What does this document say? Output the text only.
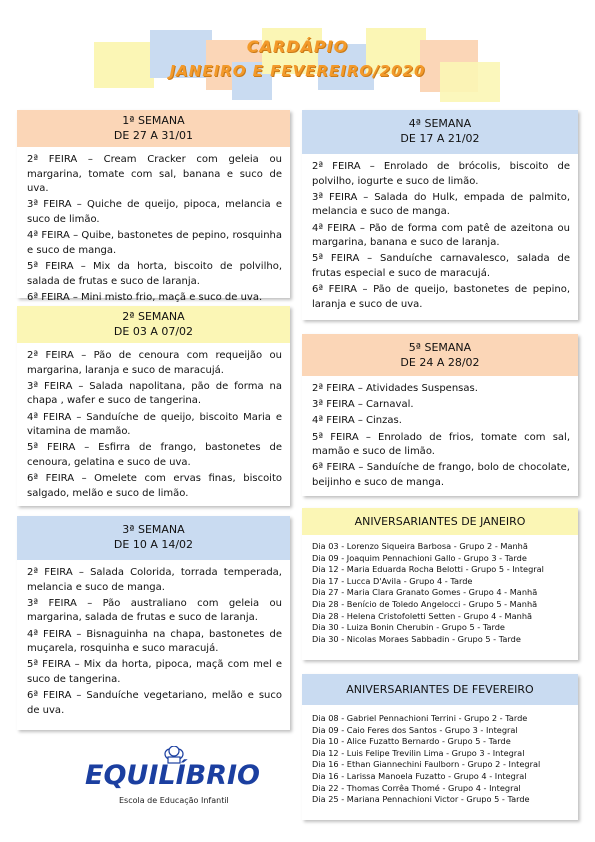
CARDÁPIO
JANEIRO E FEVEREIRO/2020
1ª SEMANA
DE 27 A 31/01
2ª FEIRA – Cream Cracker com geleia ou margarina, tomate com sal, banana e suco de uva.
3ª FEIRA – Quiche de queijo, pipoca, melancia e suco de limão.
4ª FEIRA – Quibe, bastonetes de pepino, rosquinha e suco de manga.
5ª FEIRA – Mix da horta, biscoito de polvilho, salada de frutas e suco de laranja.
6ª FEIRA – Mini misto frio, maçã e suco de uva.
2ª SEMANA
DE 03 A 07/02
2ª FEIRA – Pão de cenoura com requeijão ou margarina, laranja e suco de maracujá.
3ª FEIRA – Salada napolitana, pão de forma na chapa , wafer e suco de tangerina.
4ª FEIRA – Sanduíche de queijo, biscoito Maria e vitamina de mamão.
5ª FEIRA – Esfirra de frango, bastonetes de cenoura, gelatina e suco de uva.
6ª FEIRA – Omelete com ervas finas, biscoito salgado, melão e suco de limão.
3ª SEMANA
DE 10 A 14/02
2ª FEIRA – Salada Colorida, torrada temperada, melancia e suco de manga.
3ª FEIRA – Pão australiano com geleia ou margarina, salada de frutas e suco de laranja.
4ª FEIRA – Bisnaguinha na chapa, bastonetes de muçarela, rosquinha e suco maracujá.
5ª FEIRA – Mix da horta, pipoca, maçã com mel e suco de tangerina.
6ª FEIRA – Sanduíche vegetariano, melão e suco de uva.
4ª SEMANA
DE 17 A 21/02
2ª FEIRA – Enrolado de brócolis, biscoito de polvilho, iogurte e suco de limão.
3ª FEIRA – Salada do Hulk, empada de palmito, melancia e suco de manga.
4ª FEIRA – Pão de forma com patê de azeitona ou margarina, banana e suco de laranja.
5ª FEIRA – Sanduíche carnavalesco, salada de frutas especial e suco de maracujá.
6ª FEIRA – Pão de queijo, bastonetes de pepino, laranja e suco de uva.
5ª SEMANA
DE 24 A 28/02
2ª FEIRA – Atividades Suspensas.
3ª FEIRA – Carnaval.
4ª FEIRA – Cinzas.
5ª FEIRA – Enrolado de frios, tomate com sal, mamão e suco de limão.
6ª FEIRA – Sanduíche de frango, bolo de chocolate, beijinho e suco de manga.
ANIVERSARIANTES DE JANEIRO
Dia 03 - Lorenzo Siqueira Barbosa - Grupo 2 - Manhã
Dia 09 - Joaquim Pennachioni Gallo - Grupo 3 - Tarde
Dia 12 - Maria Eduarda Rocha Belotti - Grupo 5 - Integral
Dia 17 - Lucca D'Avila - Grupo 4 - Tarde
Dia 27 - Maria Clara Granato Gomes - Grupo 4 - Manhã
Dia 28 - Benício de Toledo Angelocci - Grupo 5 - Manhã
Dia 28 - Helena Cristofoletti Setten - Grupo 4 - Manhã
Dia 30 - Luiza Bonin Cherubin - Grupo 5 - Tarde
Dia 30 - Nicolas Moraes Sabbadin - Grupo 5 - Tarde
ANIVERSARIANTES DE FEVEREIRO
Dia 08 - Gabriel Pennachioni Terrini - Grupo 2 - Tarde
Dia 09 - Caio Feres dos Santos - Grupo 3 - Integral
Dia 10 - Alice Fuzatto Bernardo - Grupo 5 - Tarde
Dia 12 - Luis Felipe Trevilin Lima - Grupo 3 - Integral
Dia 16 - Ethan Giannechini Faulborn - Grupo 2 - Integral
Dia 16 - Larissa Manoela Fuzatto - Grupo 4 - Integral
Dia 22 - Thomas Corrêa Thomé - Grupo 4 - Integral
Dia 25 - Mariana Pennachioni Victor - Grupo 5 - Tarde
EQUILÍBRIO
Escola de Educação Infantil
